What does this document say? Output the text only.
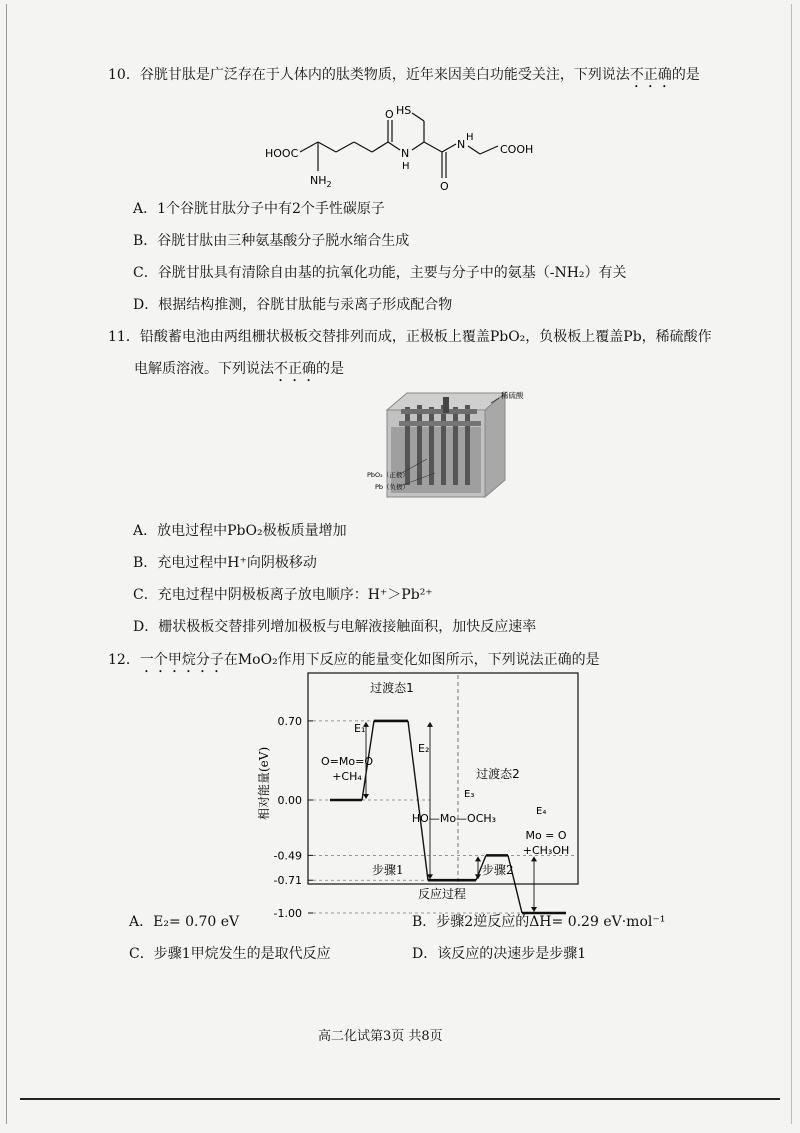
10．谷胱甘肽是广泛存在于人体内的肽类物质，近年来因美白功能受关注，下列说法不正确的是
HS
HOOC
$NH_2$
N
H
O
N
H
O
COOH
A．1个谷胱甘肽分子中有2个手性碳原子
B．谷胱甘肽由三种氨基酸分子脱水缩合生成
C．谷胱甘肽具有清除自由基的抗氧化功能，主要与分子中的氨基（-NH₂）有关
D．根据结构推测，谷胱甘肽能与汞离子形成配合物
11．铅酸蓄电池由两组栅状极板交替排列而成，正极板上覆盖PbO₂，负极板上覆盖Pb，稀硫酸作
电解质溶液。下列说法不正确的是
稀硫酸
PbO₂（正极）
Pb（负极）
A．放电过程中PbO₂极板质量增加
B．充电过程中H⁺向阴极移动
C．充电过程中阴极板离子放电顺序：H⁺＞Pb²⁺
D．栅状极板交替排列增加极板与电解液接触面积，加快反应速率
12．一个甲烷分子在MoO₂作用下反应的能量变化如图所示，下列说法正确的是
相对能量(eV)
反应过程
步骤1	步骤2
0.70
0.00
-0.49
-0.71
-1.00
E₁
E₂
E₃
E₄
过渡态1
过渡态2
O=Mo=O
+CH₄
HO—Mo—OCH₃
Mo = O
+CH₃OH
A．E₂= 0.70 eV	B．步骤2逆反应的ΔH= 0.29 eV·mol⁻¹
C．步骤1甲烷发生的是取代反应	D．该反应的决速步是步骤1
高二化试第3页 共8页
